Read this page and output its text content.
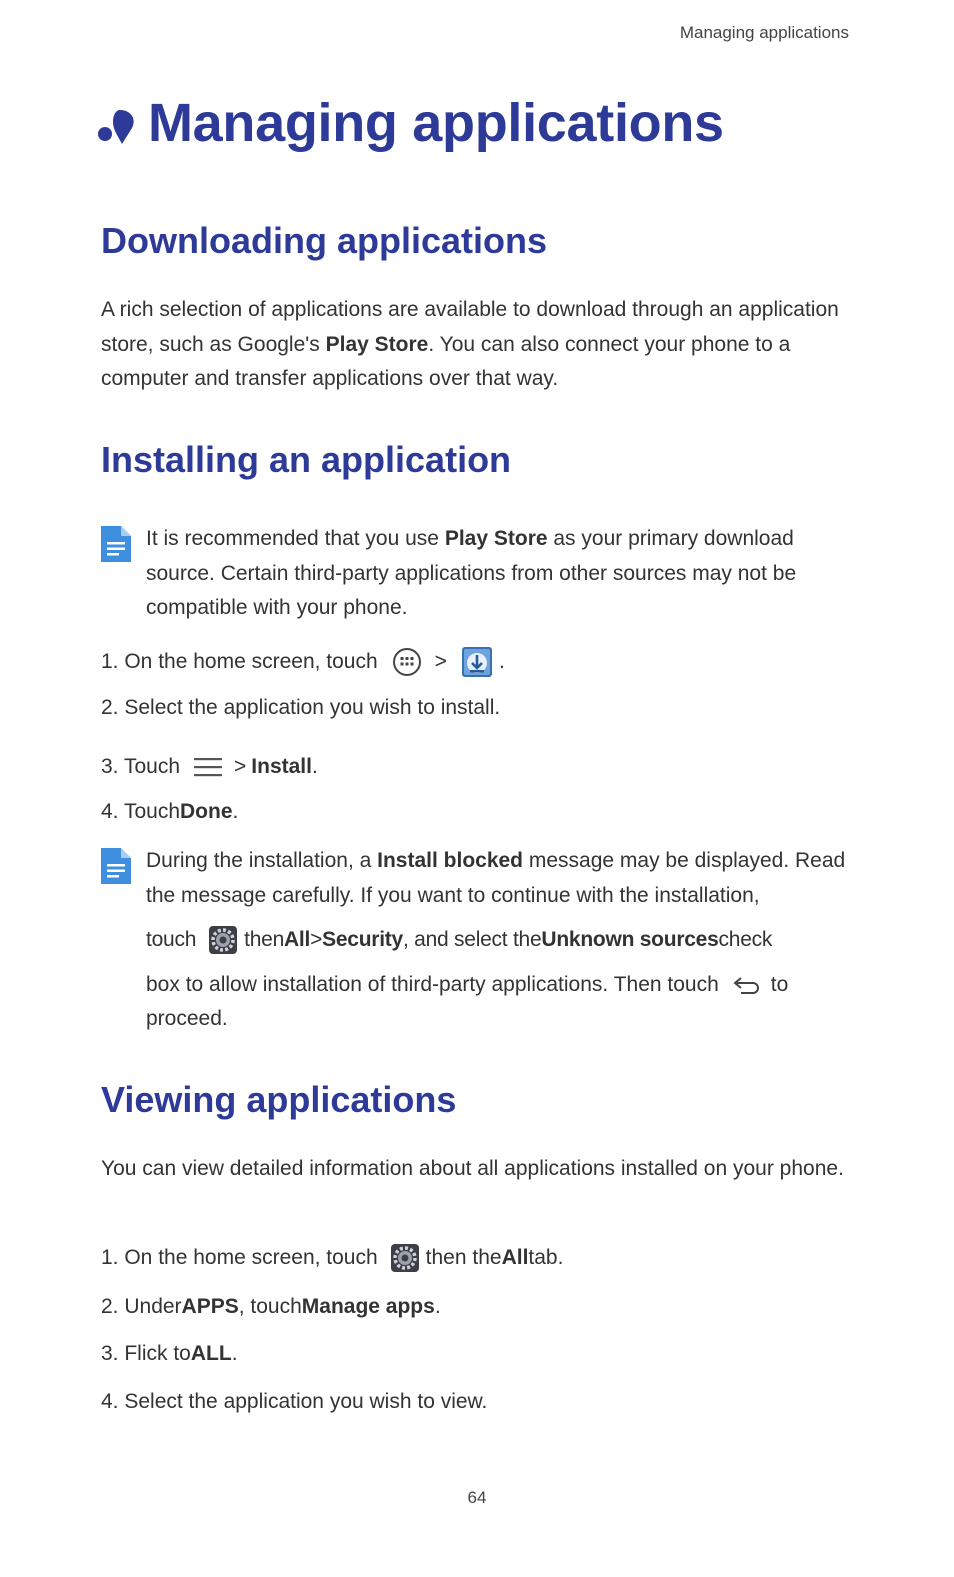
Managing applications
Managing applications
Downloading applications
A rich selection of applications are available to download through an application store, such as Google's Play Store. You can also connect your phone to a computer and transfer applications over that way.
Installing an application
It is recommended that you use Play Store as your primary download source. Certain third-party applications from other sources may not be compatible with your phone.
1. On the home screen, touch	> .
2. Select the application you wish to install.
3. Touch	> Install .
4. Touch Done .
During the installation, a Install blocked message may be displayed. Read the message carefully. If you want to continue with the installation,
touch then All > Security , and select the Unknown sources check
box to allow installation of third-party applications. Then touch to
proceed.
Viewing applications
You can view detailed information about all applications installed on your phone.
1. On the home screen, touch then the All tab.
2. Under APPS , touch Manage apps .
3. Flick to ALL .
4. Select the application you wish to view.
64
